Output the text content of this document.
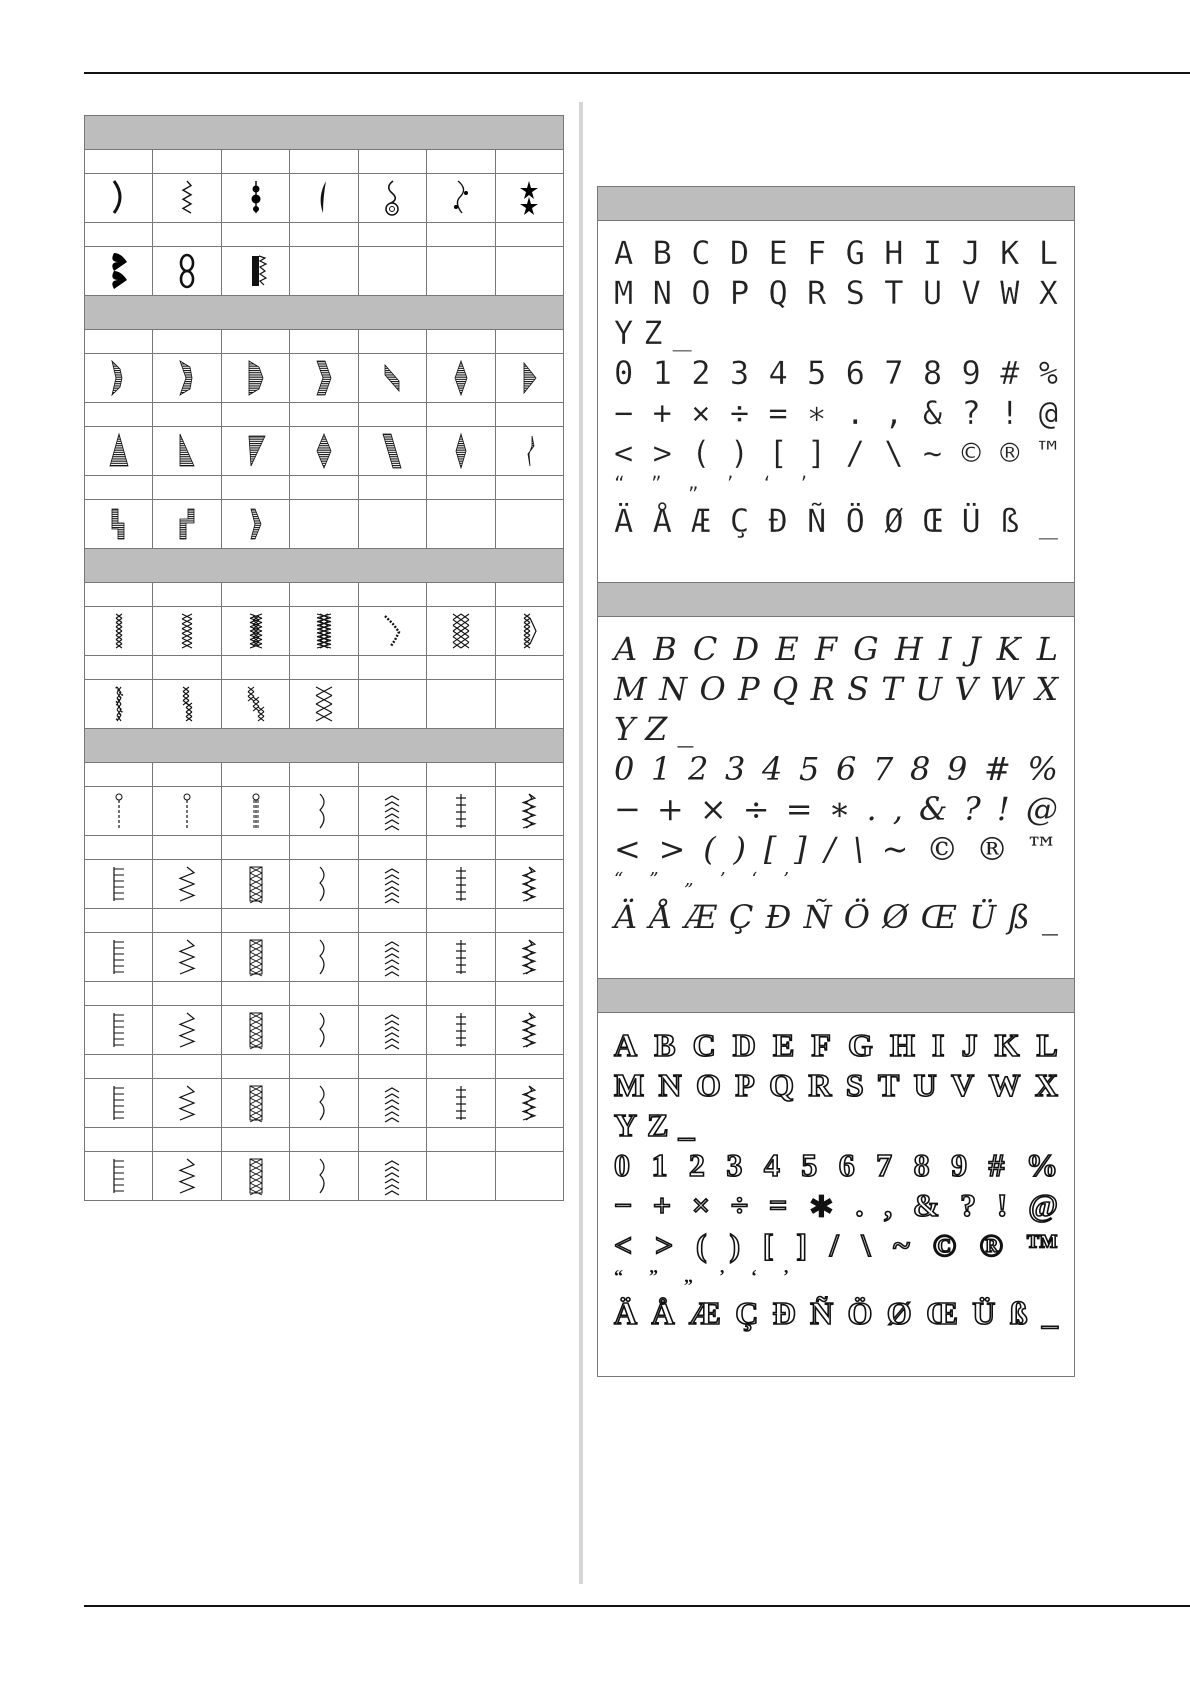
A B C D E F G H I J K L
M N O P Q R S T U V W X
Y Z _
0 1 2 3 4 5 6 7 8 9 # %
− + × ÷ = ∗ . , & ? ! @
< > ( ) [ ] / \ ~ © ® ™
“ ” „ ’ ‘ ’
Ä Å Æ Ç Đ Ñ Ö Ø Œ Ü ß _
A B C D E F G H I J K L
M N O P Q R S T U V W X
Y Z _
0 1 2 3 4 5 6 7 8 9 # %
− + × ÷ = ∗ . , & ? ! @
< > ( ) [ ] / \ ~ © ® ™
“ ” „ ’ ‘ ’
Ä Å Æ Ç Đ Ñ Ö Ø Œ Ü ß _
A B C D E F G H I J K L
M N O P Q R S T U V W X
Y Z _
0 1 2 3 4 5 6 7 8 9 # %
− + × ÷ = ∗ . , & ? ! @
< > ( ) [ ] / \ ~ © ® ™
“ ” „ ’ ‘ ’
Ä Å Æ Ç Đ Ñ Ö Ø Œ Ü ß _
